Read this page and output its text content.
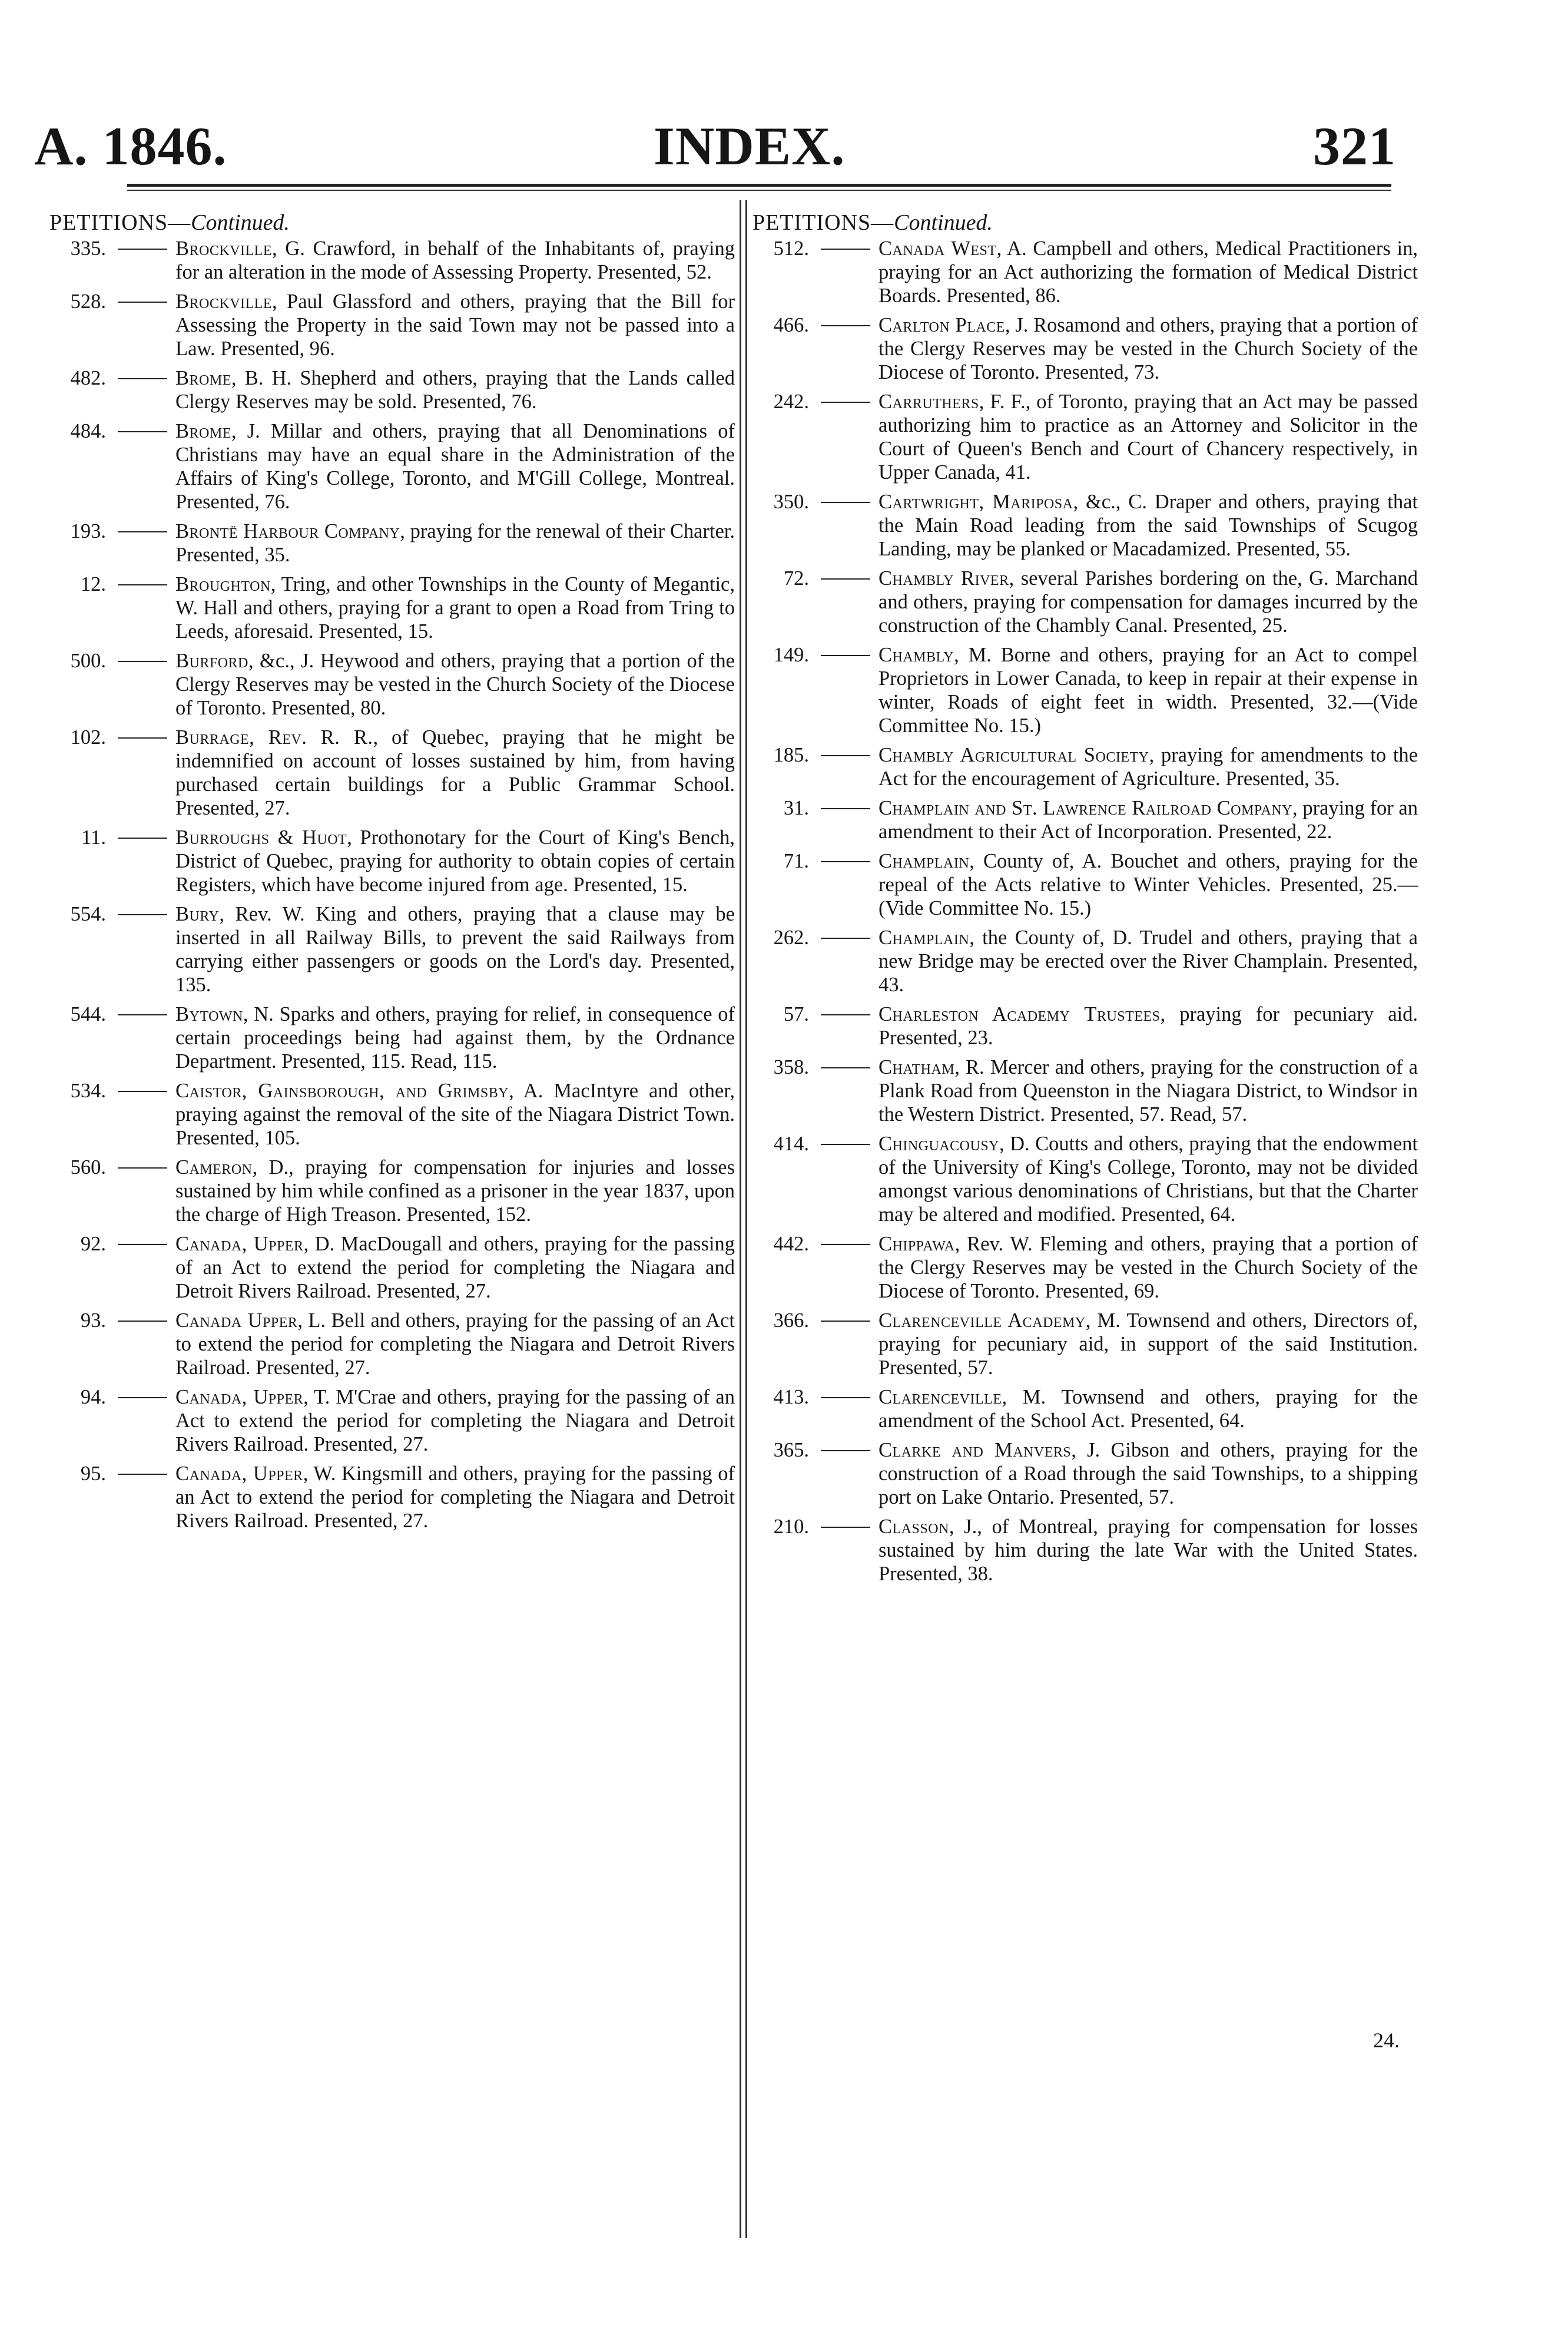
A. 1846.	INDEX.	321
PETITIONS—Continued.
335.	Brockville, G. Crawford, in behalf of the Inhabitants of, praying for an alteration in the mode of Assessing Property. Presented, 52.
528.	Brockville, Paul Glassford and others, praying that the Bill for Assessing the Property in the said Town may not be passed into a Law. Presented, 96.
482.	Brome, B. H. Shepherd and others, praying that the Lands called Clergy Reserves may be sold. Presented, 76.
484.	Brome, J. Millar and others, praying that all Denominations of Christians may have an equal share in the Administration of the Affairs of King's College, Toronto, and M'Gill College, Montreal. Presented, 76.
193.	Brontë Harbour Company, praying for the renewal of their Charter. Presented, 35.
12.	Broughton, Tring, and other Townships in the County of Megantic, W. Hall and others, praying for a grant to open a Road from Tring to Leeds, aforesaid. Presented, 15.
500.	Burford, &c., J. Heywood and others, praying that a portion of the Clergy Reserves may be vested in the Church Society of the Diocese of Toronto. Presented, 80.
102.	Burrage, Rev. R. R., of Quebec, praying that he might be indemnified on account of losses sustained by him, from having purchased certain buildings for a Public Grammar School. Presented, 27.
11.	Burroughs & Huot, Prothonotary for the Court of King's Bench, District of Quebec, praying for authority to obtain copies of certain Registers, which have become injured from age. Presented, 15.
554.	Bury, Rev. W. King and others, praying that a clause may be inserted in all Railway Bills, to prevent the said Railways from carrying either passengers or goods on the Lord's day. Presented, 135.
544.	Bytown, N. Sparks and others, praying for relief, in consequence of certain proceedings being had against them, by the Ordnance Department. Presented, 115. Read, 115.
534.	Caistor, Gainsborough, and Grimsby, A. MacIntyre and other, praying against the removal of the site of the Niagara District Town. Presented, 105.
560.	Cameron, D., praying for compensation for injuries and losses sustained by him while confined as a prisoner in the year 1837, upon the charge of High Treason. Presented, 152.
92.	Canada, Upper, D. MacDougall and others, praying for the passing of an Act to extend the period for completing the Niagara and Detroit Rivers Railroad. Presented, 27.
93.	Canada Upper, L. Bell and others, praying for the passing of an Act to extend the period for completing the Niagara and Detroit Rivers Railroad. Presented, 27.
94.	Canada, Upper, T. M'Crae and others, praying for the passing of an Act to extend the period for completing the Niagara and Detroit Rivers Railroad. Presented, 27.
95.	Canada, Upper, W. Kingsmill and others, praying for the passing of an Act to extend the period for completing the Niagara and Detroit Rivers Railroad. Presented, 27.
PETITIONS—Continued.
512.	Canada West, A. Campbell and others, Medical Practitioners in, praying for an Act authorizing the formation of Medical District Boards. Presented, 86.
466.	Carlton Place, J. Rosamond and others, praying that a portion of the Clergy Reserves may be vested in the Church Society of the Diocese of Toronto. Presented, 73.
242.	Carruthers, F. F., of Toronto, praying that an Act may be passed authorizing him to practice as an Attorney and Solicitor in the Court of Queen's Bench and Court of Chancery respectively, in Upper Canada, 41.
350.	Cartwright, Mariposa, &c., C. Draper and others, praying that the Main Road leading from the said Townships of Scugog Landing, may be planked or Macadamized. Presented, 55.
72.	Chambly River, several Parishes bordering on the, G. Marchand and others, praying for compensation for damages incurred by the construction of the Chambly Canal. Presented, 25.
149.	Chambly, M. Borne and others, praying for an Act to compel Proprietors in Lower Canada, to keep in repair at their expense in winter, Roads of eight feet in width. Presented, 32.—(Vide Committee No. 15.)
185.	Chambly Agricultural Society, praying for amendments to the Act for the encouragement of Agriculture. Presented, 35.
31.	Champlain and St. Lawrence Railroad Company, praying for an amendment to their Act of Incorporation. Presented, 22.
71.	Champlain, County of, A. Bouchet and others, praying for the repeal of the Acts relative to Winter Vehicles. Presented, 25.—(Vide Committee No. 15.)
262.	Champlain, the County of, D. Trudel and others, praying that a new Bridge may be erected over the River Champlain. Presented, 43.
57.	Charleston Academy Trustees, praying for pecuniary aid. Presented, 23.
358.	Chatham, R. Mercer and others, praying for the construction of a Plank Road from Queenston in the Niagara District, to Windsor in the Western District. Presented, 57. Read, 57.
414.	Chinguacousy, D. Coutts and others, praying that the endowment of the University of King's College, Toronto, may not be divided amongst various denominations of Christians, but that the Charter may be altered and modified. Presented, 64.
442.	Chippawa, Rev. W. Fleming and others, praying that a portion of the Clergy Reserves may be vested in the Church Society of the Diocese of Toronto. Presented, 69.
366.	Clarenceville Academy, M. Townsend and others, Directors of, praying for pecuniary aid, in support of the said Institution. Presented, 57.
413.	Clarenceville, M. Townsend and others, praying for the amendment of the School Act. Presented, 64.
365.	Clarke and Manvers, J. Gibson and others, praying for the construction of a Road through the said Townships, to a shipping port on Lake Ontario. Presented, 57.
210.	Classon, J., of Montreal, praying for compensation for losses sustained by him during the late War with the United States. Presented, 38.
24.
